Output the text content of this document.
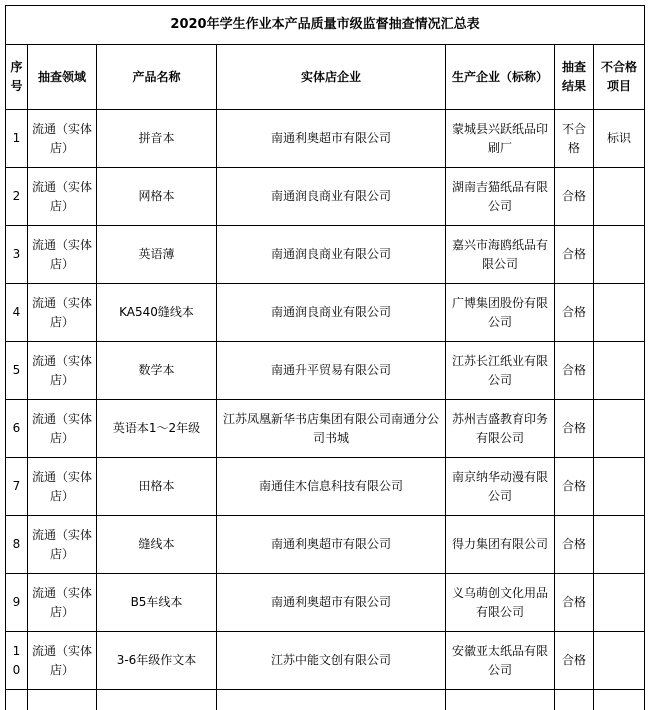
2020年学生作业本产品质量市级监督抽查情况汇总表						
序号	抽查领域	产品名称	实体店企业	生产企业（标称）	抽查结果	不合格项目
1	流通（实体店）	拼音本	南通利奥超市有限公司	蒙城县兴跃纸品印刷厂	不合格	标识
2	流通（实体店）	网格本	南通润良商业有限公司	湖南吉猫纸品有限公司	合格	
3	流通（实体店）	英语薄	南通润良商业有限公司	嘉兴市海鸥纸品有限公司	合格	
4	流通（实体店）	KA540缝线本	南通润良商业有限公司	广博集团股份有限公司	合格	
5	流通（实体店）	数学本	南通升平贸易有限公司	江苏长江纸业有限公司	合格	
6	流通（实体店）	英语本1～2年级	江苏凤凰新华书店集团有限公司南通分公司书城	苏州吉盛教育印务有限公司	合格	
7	流通（实体店）	田格本	南通佳木信息科技有限公司	南京纳华动漫有限公司	合格	
8	流通（实体店）	缝线本	南通利奥超市有限公司	得力集团有限公司	合格	
9	流通（实体店）	B5车线本	南通利奥超市有限公司	义乌萌创文化用品有限公司	合格	
10	流通（实体店）	3-6年级作文本	江苏中能文创有限公司	安徽亚太纸品有限公司	合格	
